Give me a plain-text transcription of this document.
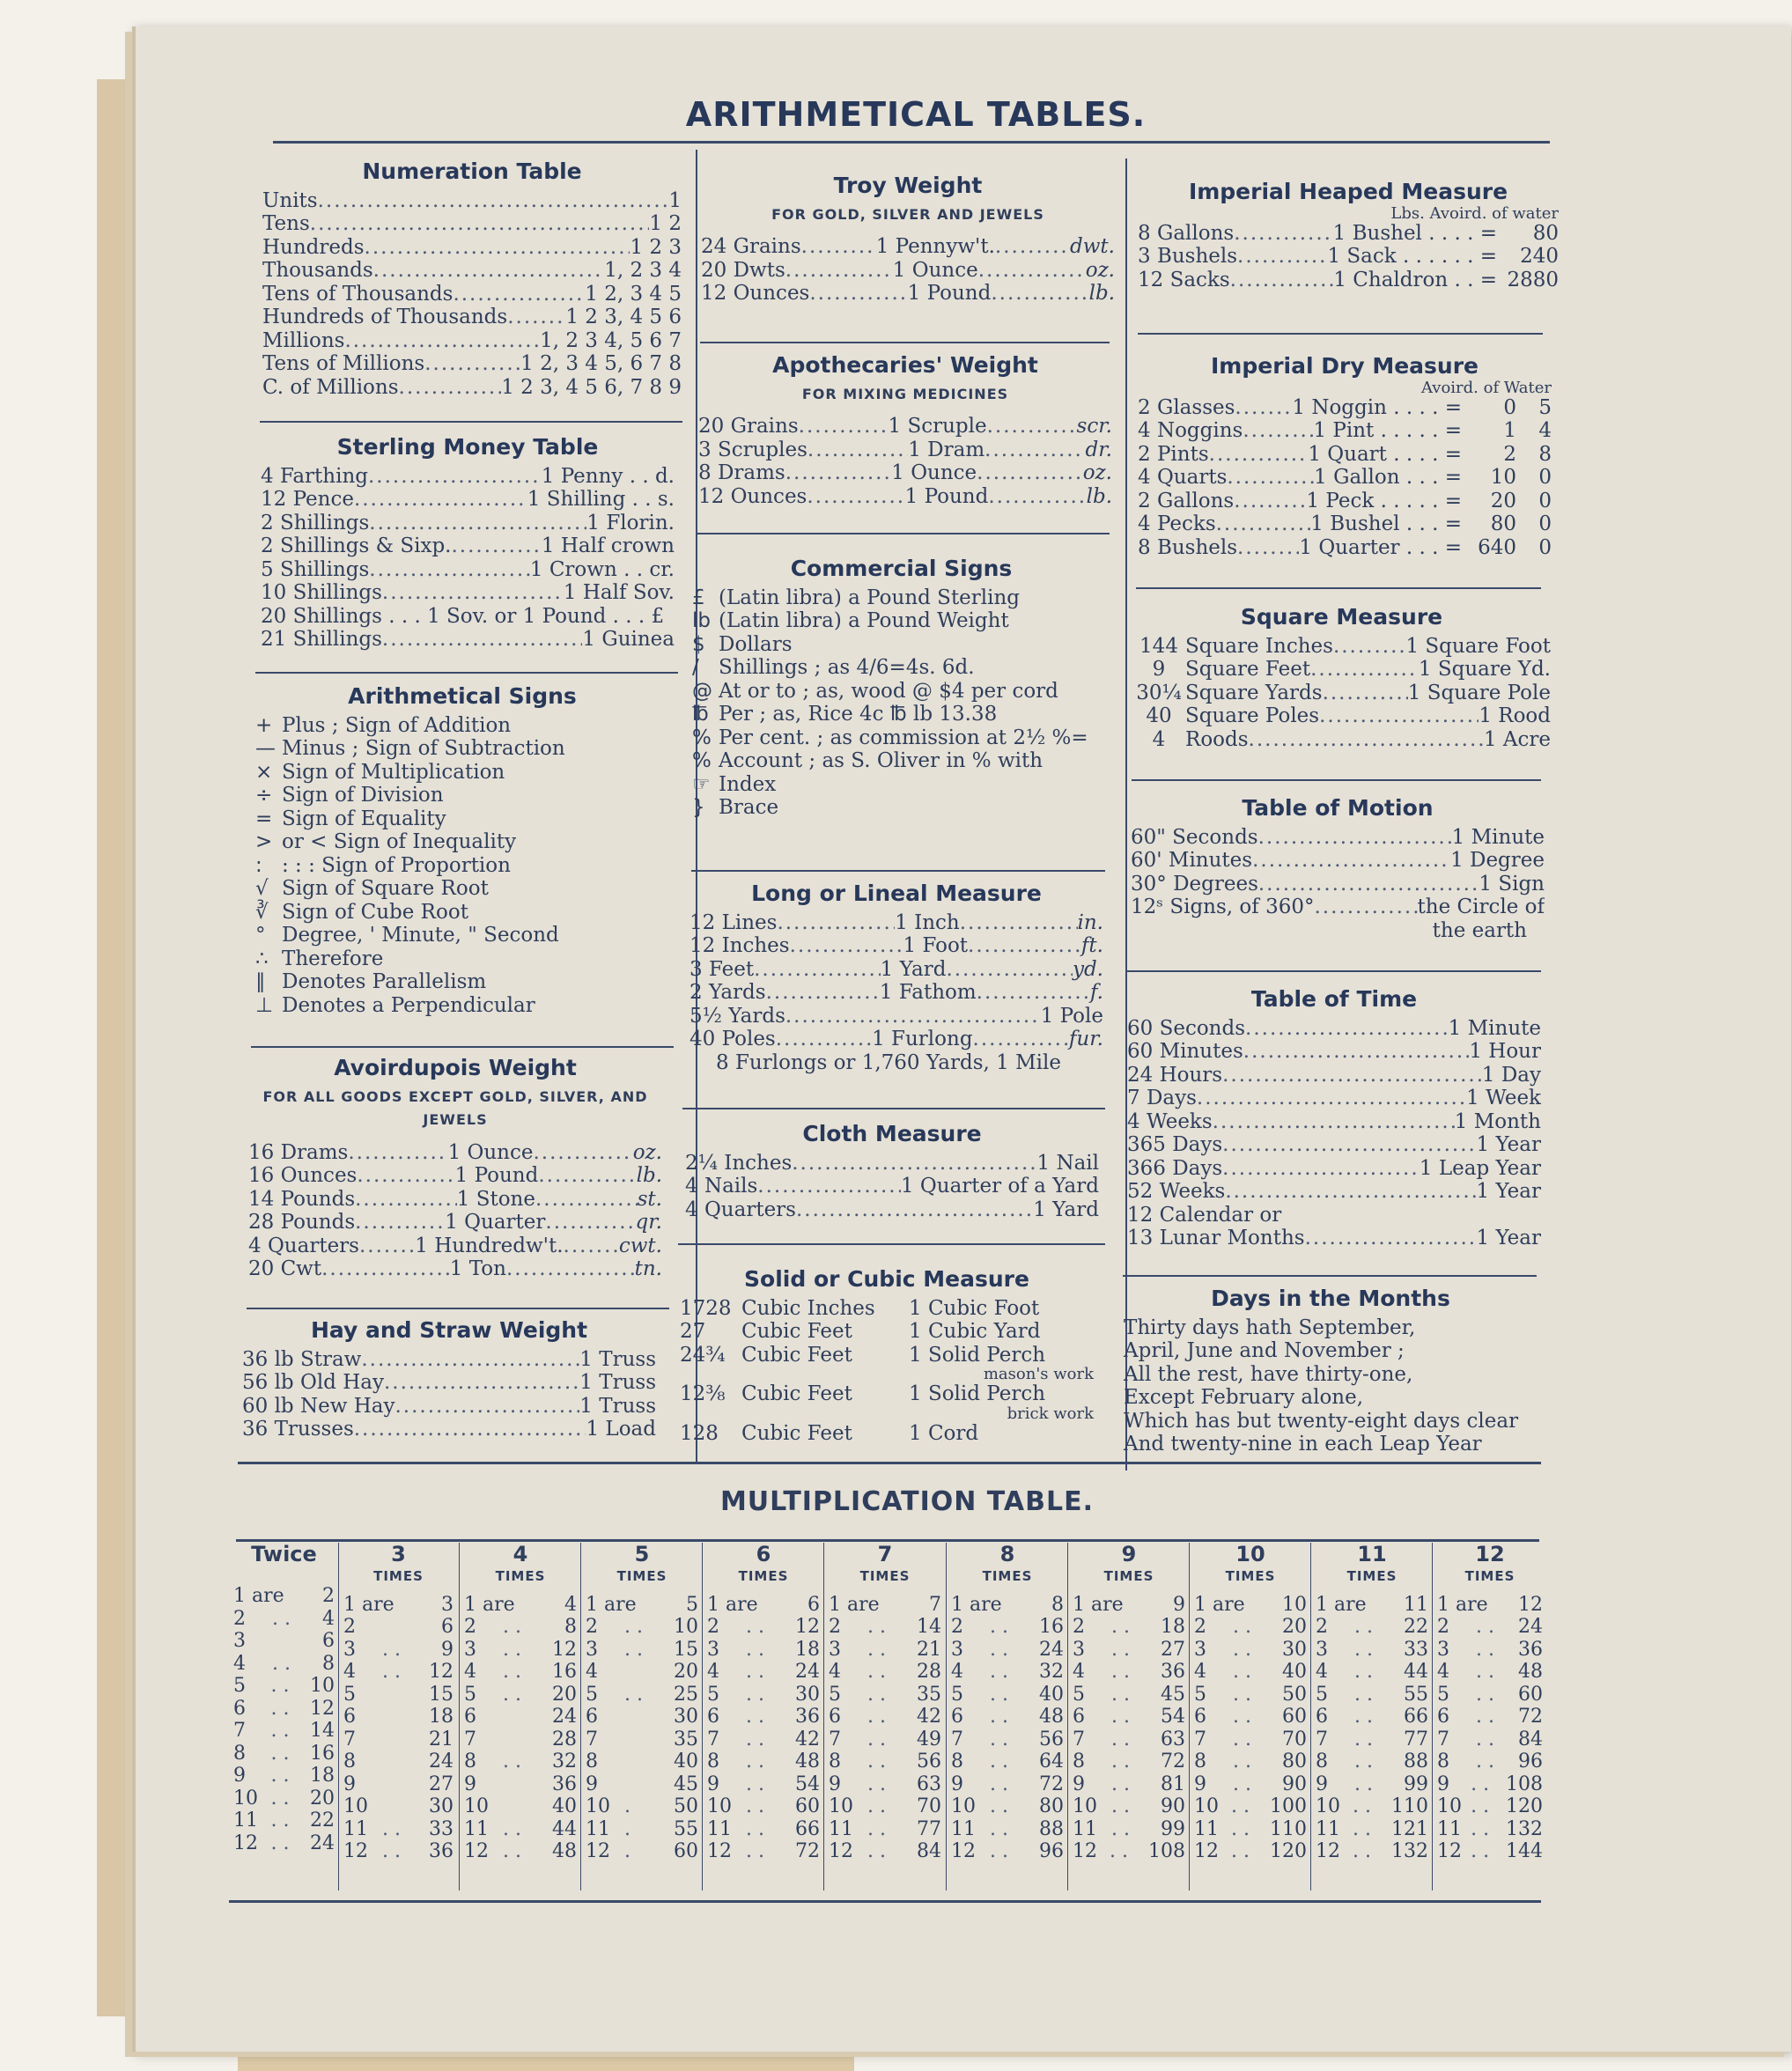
ARITHMETICAL TABLES.
Numeration Table
Units .....	1
Tens .....	1 2
Hundreds .....	1 2 3
Thousands .....	1, 2 3 4
Tens of Thousands .....	1 2, 3 4 5
Hundreds of Thousands .....	1 2 3, 4 5 6
Millions .....	1, 2 3 4, 5 6 7
Tens of Millions .....	1 2, 3 4 5, 6 7 8
C. of Millions .....	1 2 3, 4 5 6, 7 8 9
Sterling Money Table
4 Farthing .....	1 Penny . . d.
12 Pence .....	1 Shilling . . s.
2 Shillings .....	1 Florin.
2 Shillings & Sixp. .....	1 Half crown
5 Shillings .....	1 Crown . . cr.
10 Shillings .....	1 Half Sov.
20 Shillings . . . 1 Sov. or 1 Pound . . . £
21 Shillings .....	1 Guinea
Arithmetical Signs
+ Plus ; Sign of Addition
— Minus ; Sign of Subtraction
× Sign of Multiplication
÷ Sign of Division
= Sign of Equality
> or < Sign of Inequality
: : : : Sign of Proportion
√ Sign of Square Root
∛ Sign of Cube Root
° Degree, ' Minute, " Second
∴ Therefore
∥ Denotes Parallelism
⊥ Denotes a Perpendicular
Avoirdupois Weight
FOR ALL GOODS EXCEPT GOLD, SILVER, AND JEWELS
16 Drams .....	1 Ounce .....	oz.
16 Ounces .....	1 Pound .....	lb.
14 Pounds .....	1 Stone .....	st.
28 Pounds .....	1 Quarter .....	qr.
4 Quarters .....	1 Hundredw't. .....	cwt.
20 Cwt .....	1 Ton .....	tn.
Hay and Straw Weight
36 lb Straw .....	1 Truss
56 lb Old Hay .....	1 Truss
60 lb New Hay .....	1 Truss
36 Trusses .....	1 Load
Troy Weight
FOR GOLD, SILVER AND JEWELS
24 Grains .....	1 Pennyw't. .....	dwt.
20 Dwts .....	1 Ounce .....	oz.
12 Ounces .....	1 Pound .....	lb.
Apothecaries' Weight
FOR MIXING MEDICINES
20 Grains .....	1 Scruple .....	scr.
3 Scruples .....	1 Dram .....	dr.
8 Drams .....	1 Ounce .....	oz.
12 Ounces .....	1 Pound .....	lb.
Commercial Signs
£ (Latin libra) a Pound Sterling
lb (Latin libra) a Pound Weight
$ Dollars
/ Shillings ; as 4/6=4s. 6d.
@ At or to ; as, wood @ $4 per cord
℔ Per ; as, Rice 4c ℔ lb 13.38
% Per cent. ; as commission at 2½ %=
% Account ; as S. Oliver in % with
☞ Index
} Brace
Long or Lineal Measure
12 Lines .....	1 Inch .....	in.
12 Inches .....	1 Foot .....	ft.
3 Feet .....	1 Yard .....	yd.
2 Yards .....	1 Fathom .....	f.
5½ Yards .....	1 Pole
40 Poles .....	1 Furlong .....	fur.
8 Furlongs or 1,760 Yards, 1 Mile
Cloth Measure
2¼ Inches .....	1 Nail
4 Nails .....	1 Quarter of a Yard
4 Quarters .....	1 Yard
Solid or Cubic Measure
1728 Cubic Inches	1 Cubic Foot
27	Cubic Feet	1 Cubic Yard
24¾ Cubic Feet	1 Solid Perch
mason's work
12⅜ Cubic Feet	1 Solid Perch
brick work
128	Cubic Feet	1 Cord
Imperial Heaped Measure
Lbs. Avoird. of water
8 Gallons .....	1 Bushel . . . . =	80
3 Bushels .....	1 Sack . . . . . . =	240
12 Sacks .....	1 Chaldron . . = 2880
Imperial Dry Measure
Avoird. of Water
2 Glasses .....	1 Noggin . . . . =	0	5
4 Noggins .....	1 Pint . . . . . =	1	4
2 Pints .....	1 Quart . . . . =	2	8
4 Quarts .....	1 Gallon . . . =	10	0
2 Gallons .....	1 Peck . . . . . =	20	0
4 Pecks .....	1 Bushel . . . =	80	0
8 Bushels .....	1 Quarter . . . = 640	0
Square Measure
144 Square Inches .....	1 Square Foot
9 Square Feet .....	1 Square Yd.
30¼ Square Yards .....	1 Square Pole
40 Square Poles .....	1 Rood
4 Roods .....	1 Acre
Table of Motion
60" Seconds .....	1 Minute
60' Minutes .....	1 Degree
30° Degrees .....	1 Sign
12ˢ Signs, of 360° .....	the Circle of
the earth
Table of Time
60 Seconds .....	1 Minute
60 Minutes .....	1 Hour
24 Hours .....	1 Day
7 Days .....	1 Week
4 Weeks .....	1 Month
365 Days .....	1 Year
366 Days .....	1 Leap Year
52 Weeks .....	1 Year
12 Calendar or
13 Lunar Months .....	1 Year
Days in the Months
Thirty days hath September,
April, June and November ;
All the rest, have thirty-one,
Except February alone,
Which has but twenty-eight days clear
And twenty-nine in each Leap Year
MULTIPLICATION TABLE.
Twice
1 are 2
2	. .	4
3	6
4	. .	8
5	. .	10
6	. .	12
7	. .	14
8	. .	16
9	. .	18
10 . .	20
11 . .	22
12 . .	24
3
TIMES
1 are 3
2	6
3	. .	9
4	. .	12
5	15
6	18
7	21
8	24
9	27
10	30
11 . .	33
12 . .	36
4
TIMES
1 are	4
2	. .	8
3	. .	12
4	. .	16
5	. .	20
6	24
7	28
8	. .	32
9	36
10	40
11 . .	44
12 . .	48
5
TIMES
1 are	5
2	. .	10
3	. .	15
4	20
5	. .	25
6	30
7	35
8	40
9	45
10 .	50
11 .	55
12 .	60
6
TIMES
1 are	6
2	. .	12
3	. .	18
4	. .	24
5	. .	30
6	. .	36
7	. .	42
8	. .	48
9	. .	54
10 . .	60
11 . .	66
12 . .	72
7
TIMES
1 are	7
2	. .	14
3	. .	21
4	. .	28
5	. .	35
6	. .	42
7	. .	49
8	. .	56
9	. .	63
10 . .	70
11 . .	77
12 . .	84
8
TIMES
1 are	8
2	. .	16
3	. .	24
4	. .	32
5	. .	40
6	. .	48
7	. .	56
8	. .	64
9	. .	72
10 . .	80
11 . .	88
12 . .	96
9
TIMES
1 are	9
2	. .	18
3	. .	27
4	. .	36
5	. .	45
6	. .	54
7	. .	63
8	. .	72
9	. .	81
10 . .	90
11 . .	99
12 . .	108
10
TIMES
1 are 10
2	. .	20
3	. .	30
4	. .	40
5	. .	50
6	. .	60
7	. .	70
8	. .	80
9	. .	90
10 . .	100
11 . .	110
12 . .	120
11
TIMES
1 are 11
2	. .	22
3	. .	33
4	. .	44
5	. .	55
6	. .	66
7	. .	77
8	. .	88
9	. .	99
10 . .	110
11 . .	121
12 . .	132
12
TIMES
1 are 12
2	. .	24
3	. .	36
4	. .	48
5	. .	60
6	. .	72
7	. .	84
8	. .	96
9	. . 108
10 . . 120
11 . . 132
12 . . 144
